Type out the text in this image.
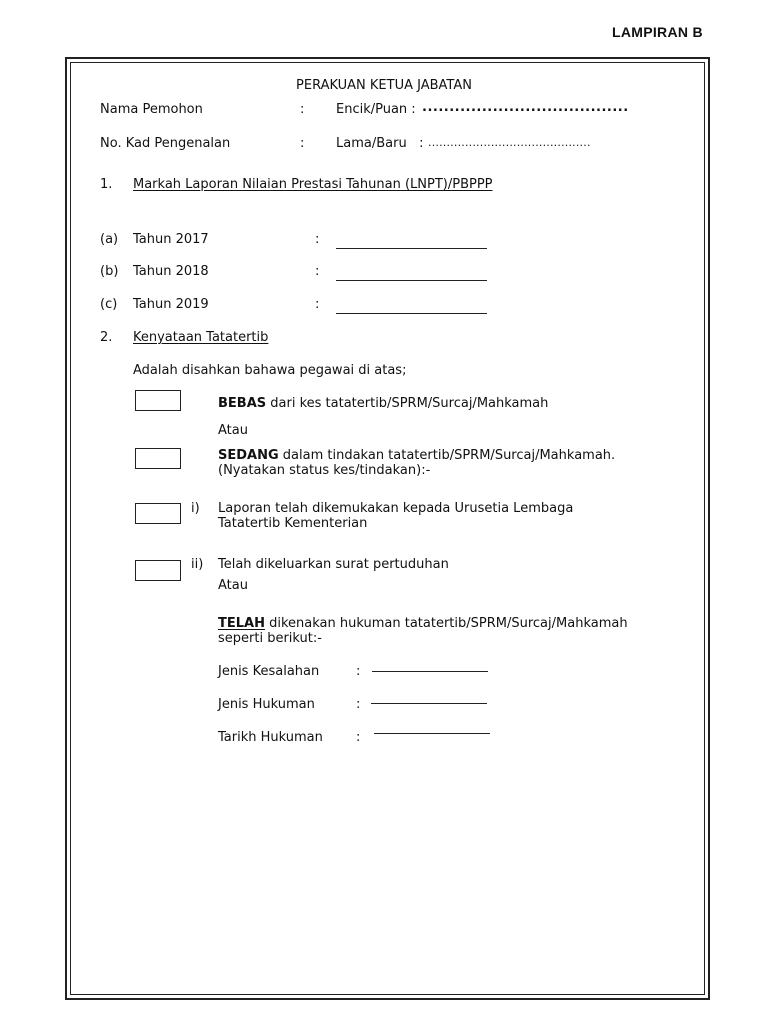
LAMPIRAN B
PERAKUAN KETUA JABATAN
Nama Pemohon	: Encik/Puan : ......................................
No. Kad Pengenalan	: Lama/Baru   : ............................................
1. Markah Laporan Nilaian Prestasi Tahunan (LNPT)/PBPPP
(a) Tahun 2017	:
(b) Tahun 2018	:
(c) Tahun 2019	:
2. Kenyataan Tatatertib
Adalah disahkan bahawa pegawai di atas;
BEBAS dari kes tatatertib/SPRM/Surcaj/Mahkamah
Atau
SEDANG dalam tindakan tatatertib/SPRM/Surcaj/Mahkamah. (Nyatakan status kes/tindakan):-
i) Laporan telah dikemukakan kepada Urusetia Lembaga Tatatertib Kementerian
ii) Telah dikeluarkan surat pertuduhan
Atau
TELAH dikenakan hukuman tatatertib/SPRM/Surcaj/Mahkamah seperti berikut:-
Jenis Kesalahan	:
Jenis Hukuman	:
Tarikh Hukuman	:
